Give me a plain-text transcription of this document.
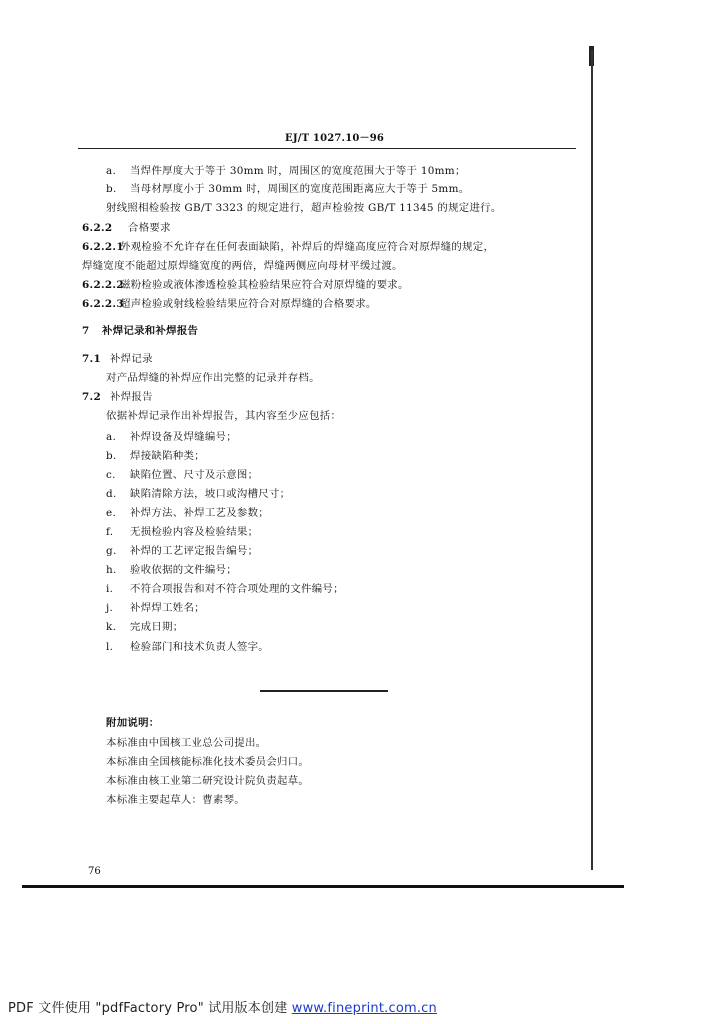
EJ/T 1027.10－96
a. 当焊件厚度大于等于 30mm 时，周围区的宽度范围大于等于 10mm；
b. 当母材厚度小于 30mm 时，周围区的宽度范围距离应大于等于 5mm。
射线照相检验按 GB/T 3323 的规定进行，超声检验按 GB/T 11345 的规定进行。
6.2.2 合格要求
6.2.2.1外观检验不允许存在任何表面缺陷，补焊后的焊缝高度应符合对原焊缝的规定，
焊缝宽度不能超过原焊缝宽度的两倍，焊缝两侧应向母材平缓过渡。
6.2.2.2磁粉检验或液体渗透检验其检验结果应符合对原焊缝的要求。
6.2.2.3超声检验或射线检验结果应符合对原焊缝的合格要求。
7 补焊记录和补焊报告
7.1 补焊记录
对产品焊缝的补焊应作出完整的记录并存档。
7.2 补焊报告
依据补焊记录作出补焊报告，其内容至少应包括：
a. 补焊设备及焊缝编号；
b. 焊接缺陷种类；
c. 缺陷位置、尺寸及示意图；
d. 缺陷清除方法，坡口或沟槽尺寸；
e. 补焊方法、补焊工艺及参数；
f. 无损检验内容及检验结果；
g. 补焊的工艺评定报告编号；
h. 验收依据的文件编号；
i. 不符合项报告和对不符合项处理的文件编号；
j. 补焊焊工姓名；
k. 完成日期；
l. 检验部门和技术负责人签字。
附加说明：
本标准由中国核工业总公司提出。
本标准由全国核能标准化技术委员会归口。
本标准由核工业第二研究设计院负责起草。
本标准主要起草人：曹素琴。
76
PDF 文件使用 "pdfFactory Pro" 试用版本创建 www.fineprint.com.cn
